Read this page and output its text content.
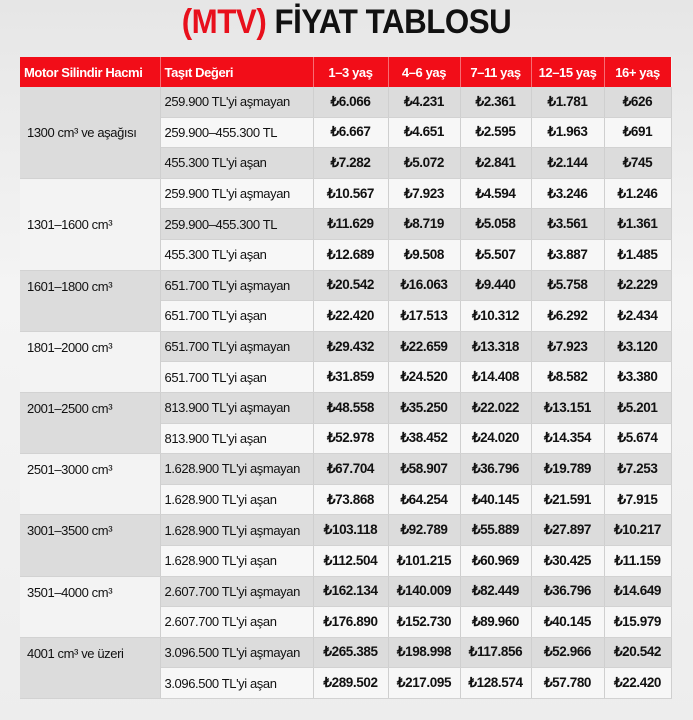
(MTV) FİYAT TABLOSU
Motor Silindir Hacmi	Taşıt Değeri	1–3 yaş	4–6 yaş	7–11 yaş	12–15 yaş	16+ yaş
1300 cm³ ve aşağısı	259.900 TL'yi aşmayan	₺6.066	₺4.231	₺2.361	₺1.781	₺626
	259.900–455.300 TL	₺6.667	₺4.651	₺2.595	₺1.963	₺691
	455.300 TL'yi aşan	₺7.282	₺5.072	₺2.841	₺2.144	₺745
1301–1600 cm³	259.900 TL'yi aşmayan	₺10.567	₺7.923	₺4.594	₺3.246	₺1.246
	259.900–455.300 TL	₺11.629	₺8.719	₺5.058	₺3.561	₺1.361
	455.300 TL'yi aşan	₺12.689	₺9.508	₺5.507	₺3.887	₺1.485
1601–1800 cm³	651.700 TL'yi aşmayan	₺20.542	₺16.063	₺9.440	₺5.758	₺2.229
	651.700 TL'yi aşan	₺22.420	₺17.513	₺10.312	₺6.292	₺2.434
1801–2000 cm³	651.700 TL'yi aşmayan	₺29.432	₺22.659	₺13.318	₺7.923	₺3.120
	651.700 TL'yi aşan	₺31.859	₺24.520	₺14.408	₺8.582	₺3.380
2001–2500 cm³	813.900 TL'yi aşmayan	₺48.558	₺35.250	₺22.022	₺13.151	₺5.201
	813.900 TL'yi aşan	₺52.978	₺38.452	₺24.020	₺14.354	₺5.674
2501–3000 cm³	1.628.900 TL'yi aşmayan	₺67.704	₺58.907	₺36.796	₺19.789	₺7.253
	1.628.900 TL'yi aşan	₺73.868	₺64.254	₺40.145	₺21.591	₺7.915
3001–3500 cm³	1.628.900 TL'yi aşmayan	₺103.118	₺92.789	₺55.889	₺27.897	₺10.217
	1.628.900 TL'yi aşan	₺112.504	₺101.215	₺60.969	₺30.425	₺11.159
3501–4000 cm³	2.607.700 TL'yi aşmayan	₺162.134	₺140.009	₺82.449	₺36.796	₺14.649
	2.607.700 TL'yi aşan	₺176.890	₺152.730	₺89.960	₺40.145	₺15.979
4001 cm³ ve üzeri	3.096.500 TL'yi aşmayan	₺265.385	₺198.998	₺117.856	₺52.966	₺20.542
	3.096.500 TL'yi aşan	₺289.502	₺217.095	₺128.574	₺57.780	₺22.420
